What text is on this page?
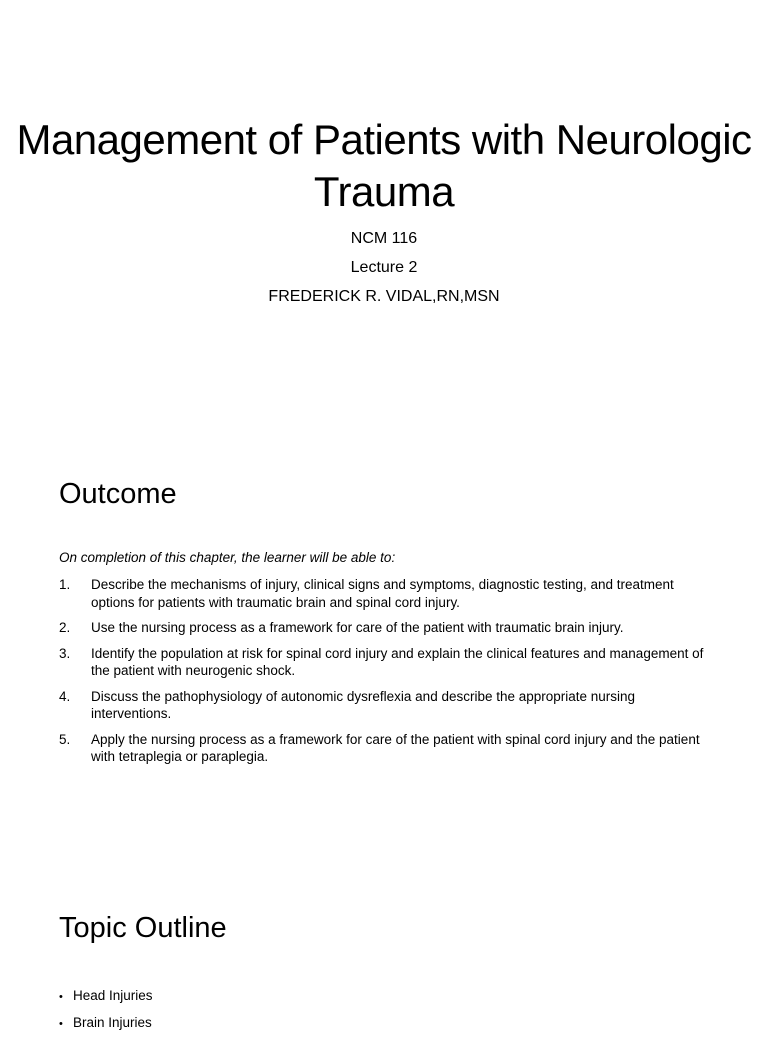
Management of Patients with Neurologic Trauma

NCM 116

Lecture 2

FREDERICK R. VIDAL,RN,MSN

Outcome

On completion of this chapter, the learner will be able to:

1.	Describe the mechanisms of injury, clinical signs and symptoms, diagnostic testing, and treatment options for patients with traumatic brain and spinal cord injury.
2.	Use the nursing process as a framework for care of the patient with traumatic brain injury.
3.	Identify the population at risk for spinal cord injury and explain the clinical features and management of the patient with neurogenic shock.
4.	Discuss the pathophysiology of autonomic dysreflexia and describe the appropriate nursing interventions.
5.	Apply the nursing process as a framework for care of the patient with spinal cord injury and the patient with tetraplegia or paraplegia.
Topic Outline
• Head Injuries
• Brain Injuries
